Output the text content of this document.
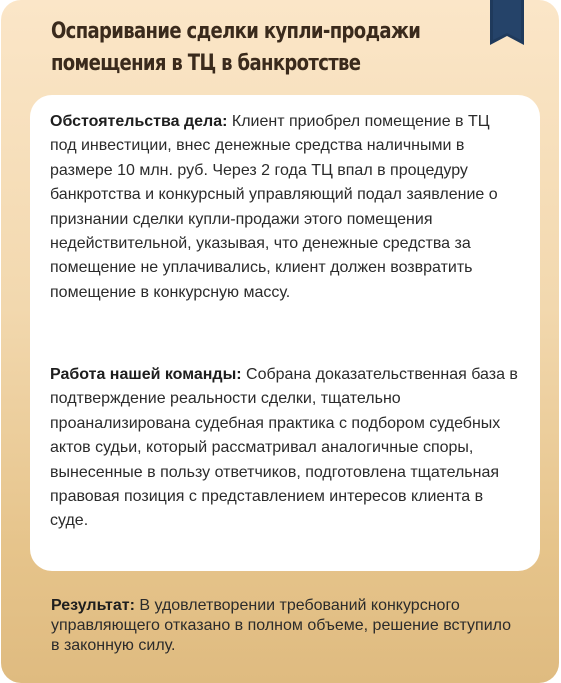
Оспаривание сделки купли-продажи
помещения в ТЦ в банкротстве

Обстоятельства дела: Клиент приобрел помещение в ТЦ под инвестиции, внес денежные средства наличными в размере 10 млн. руб. Через 2 года ТЦ впал в процедуру банкротства и конкурсный управляющий подал заявление о признании сделки купли-продажи этого помещения недействительной, указывая, что денежные средства за помещение не уплачивались, клиент должен возвратить помещение в конкурсную массу.

Работа нашей команды: Собрана доказательственная база в подтверждение реальности сделки, тщательно проанализирована судебная практика с подбором судебных актов судьи, который рассматривал аналогичные споры, вынесенные в пользу ответчиков, подготовлена тщательная правовая позиция с представлением интересов клиента в суде.

Результат: В удовлетворении требований конкурсного управляющего отказано в полном объеме, решение вступило в законную силу.
